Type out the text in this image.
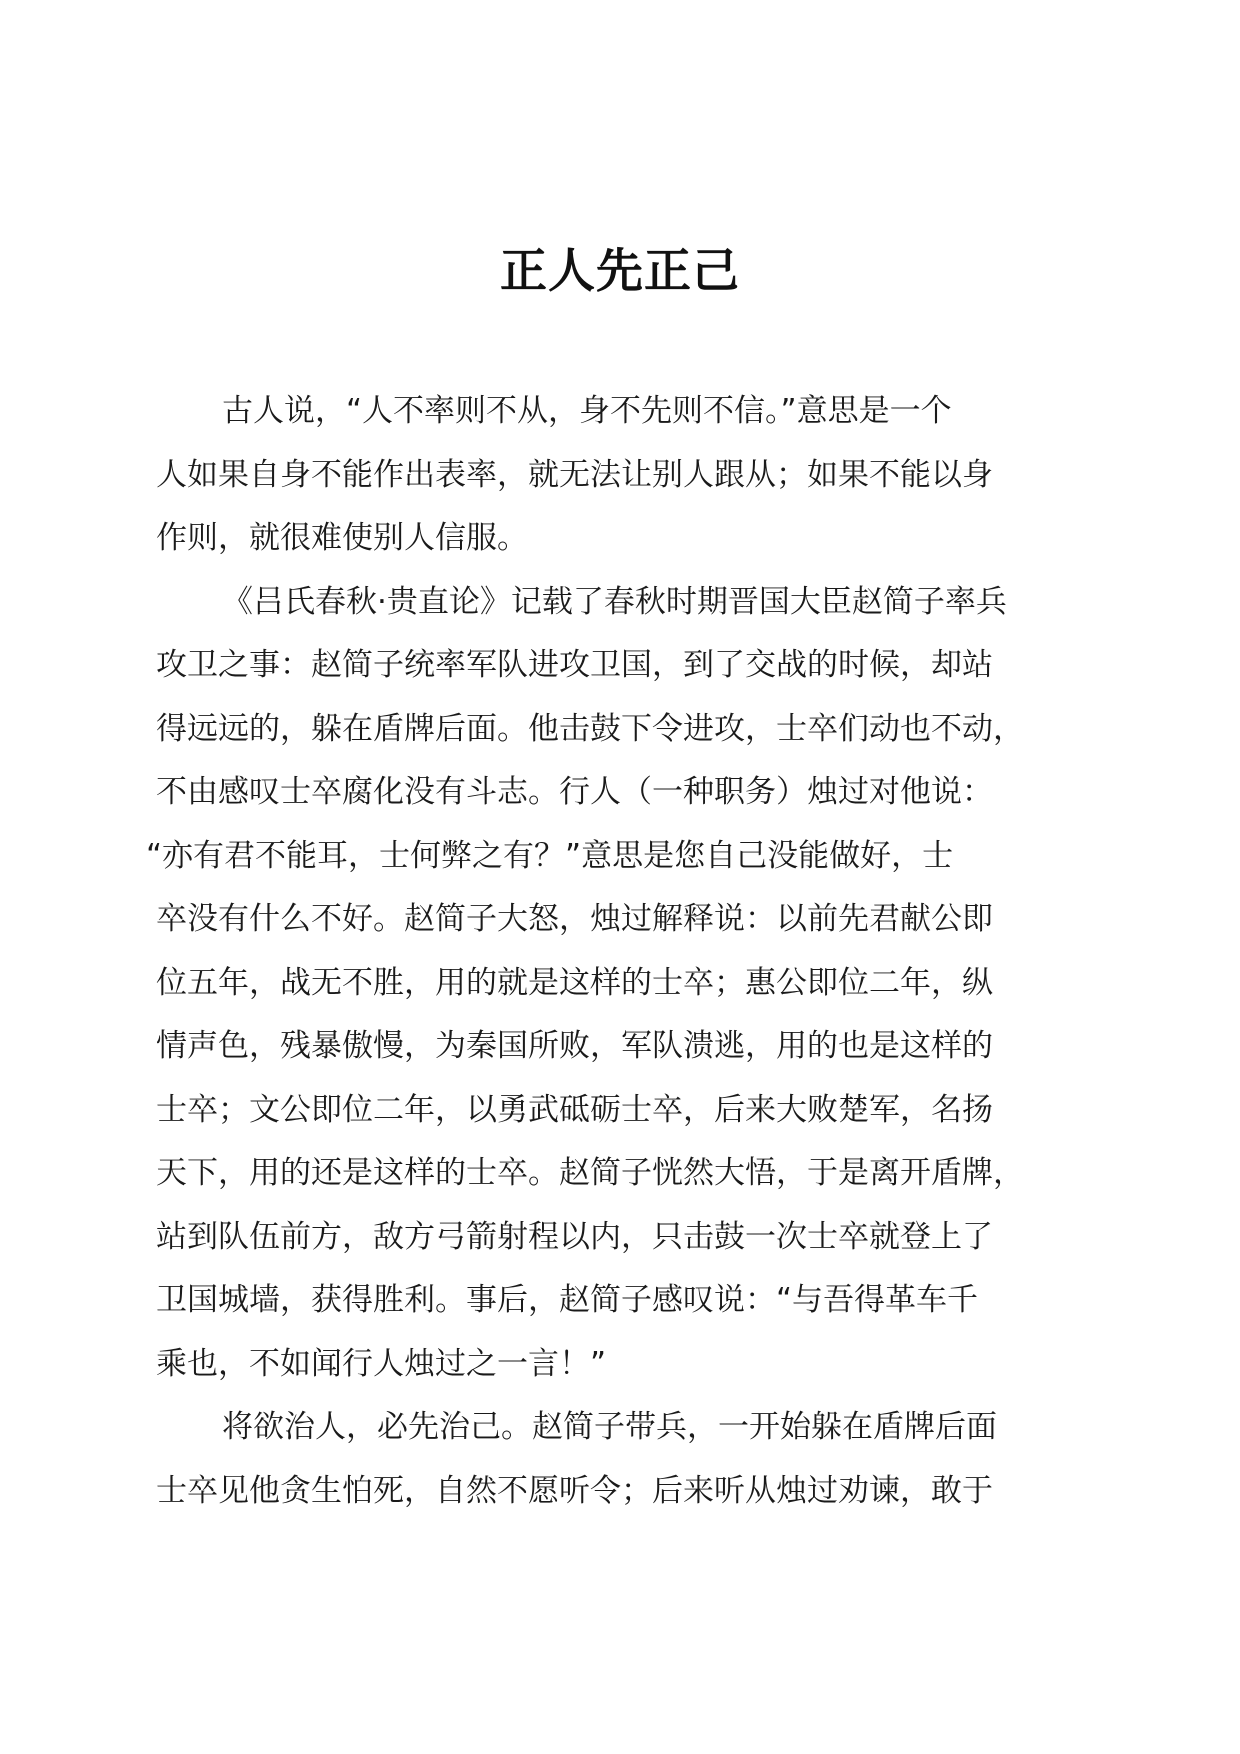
正人先正己
古人说，“人不率则不从，身不先则不信。”意思是一个
人如果自身不能作出表率，就无法让别人跟从；如果不能以身
作则，就很难使别人信服。
《吕氏春秋·贵直论》记载了春秋时期晋国大臣赵简子率兵
攻卫之事：赵简子统率军队进攻卫国，到了交战的时候，却站
得远远的，躲在盾牌后面。他击鼓下令进攻，士卒们动也不动，
不由感叹士卒腐化没有斗志。行人（一种职务）烛过对他说：
“亦有君不能耳，士何弊之有？”意思是您自己没能做好，士
卒没有什么不好。赵简子大怒，烛过解释说：以前先君献公即
位五年，战无不胜，用的就是这样的士卒；惠公即位二年，纵
情声色，残暴傲慢，为秦国所败，军队溃逃，用的也是这样的
士卒；文公即位二年，以勇武砥砺士卒，后来大败楚军，名扬
天下，用的还是这样的士卒。赵简子恍然大悟，于是离开盾牌，
站到队伍前方，敌方弓箭射程以内，只击鼓一次士卒就登上了
卫国城墙，获得胜利。事后，赵简子感叹说：“与吾得革车千
乘也，不如闻行人烛过之一言！”
将欲治人，必先治己。赵简子带兵，一开始躲在盾牌后面
士卒见他贪生怕死，自然不愿听令；后来听从烛过劝谏，敢于
